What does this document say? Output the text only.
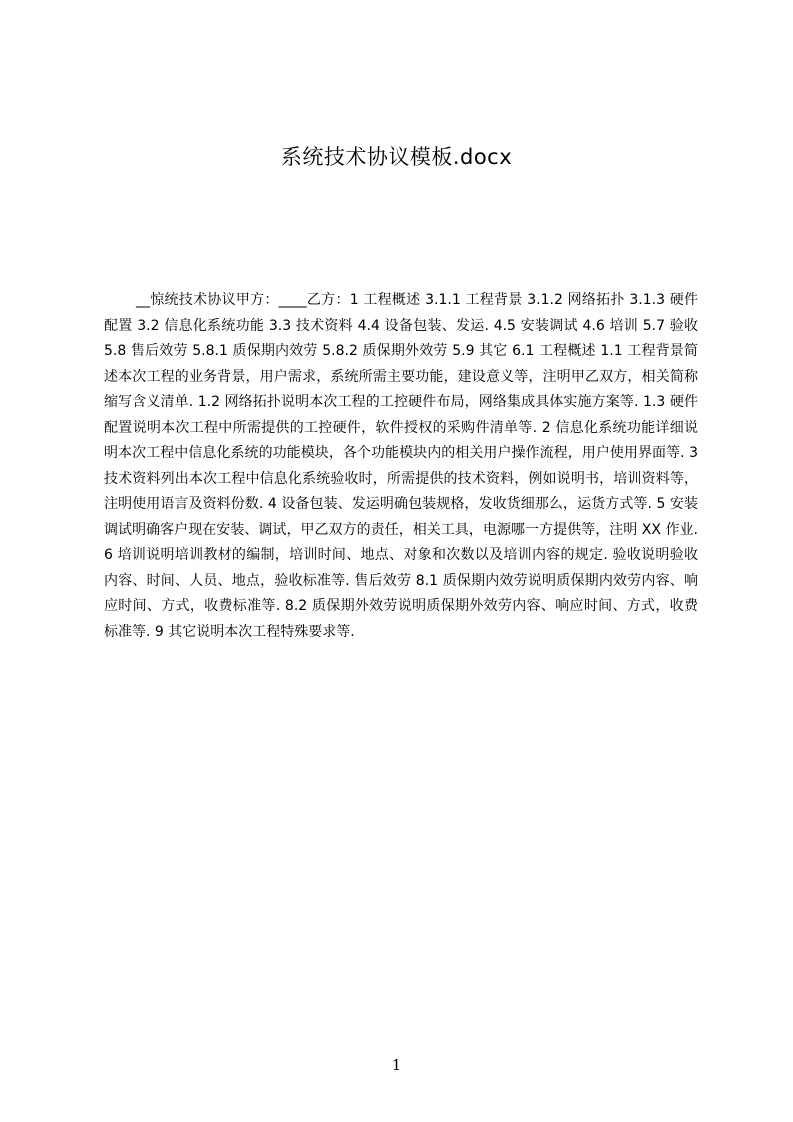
系统技术协议模板.docx

__惊统技术协议甲方：____乙方：1 工程概述 3.1.1 工程背景 3.1.2 网络拓扑 3.1.3 硬件配置 3.2 信息化系统功能 3.3 技术资料 4.4 设备包装、发运. 4.5 安装调试 4.6 培训 5.7 验收 5.8 售后效劳 5.8.1 质保期内效劳 5.8.2 质保期外效劳 5.9 其它 6.1 工程概述 1.1 工程背景简述本次工程的业务背景，用户需求，系统所需主要功能，建设意义等，注明甲乙双方，相关简称缩写含义清单. 1.2 网络拓扑说明本次工程的工控硬件布局，网络集成具体实施方案等. 1.3 硬件配置说明本次工程中所需提供的工控硬件，软件授权的采购件清单等. 2 信息化系统功能详细说明本次工程中信息化系统的功能模块，各个功能模块内的相关用户操作流程，用户使用界面等. 3 技术资料列出本次工程中信息化系统验收时，所需提供的技术资料，例如说明书，培训资料等，注明使用语言及资料份数. 4 设备包装、发运明确包装规格，发收货细那么，运货方式等. 5 安装调试明确客户现在安装、调试，甲乙双方的责任，相关工具，电源哪一方提供等，注明 XX 作业. 6 培训说明培训教材的编制，培训时间、地点、对象和次数以及培训内容的规定. 验收说明验收内容、时间、人员、地点，验收标准等. 售后效劳 8.1 质保期内效劳说明质保期内效劳内容、响应时间、方式，收费标准等. 8.2 质保期外效劳说明质保期外效劳内容、响应时间、方式，收费标准等. 9 其它说明本次工程特殊要求等.

1
